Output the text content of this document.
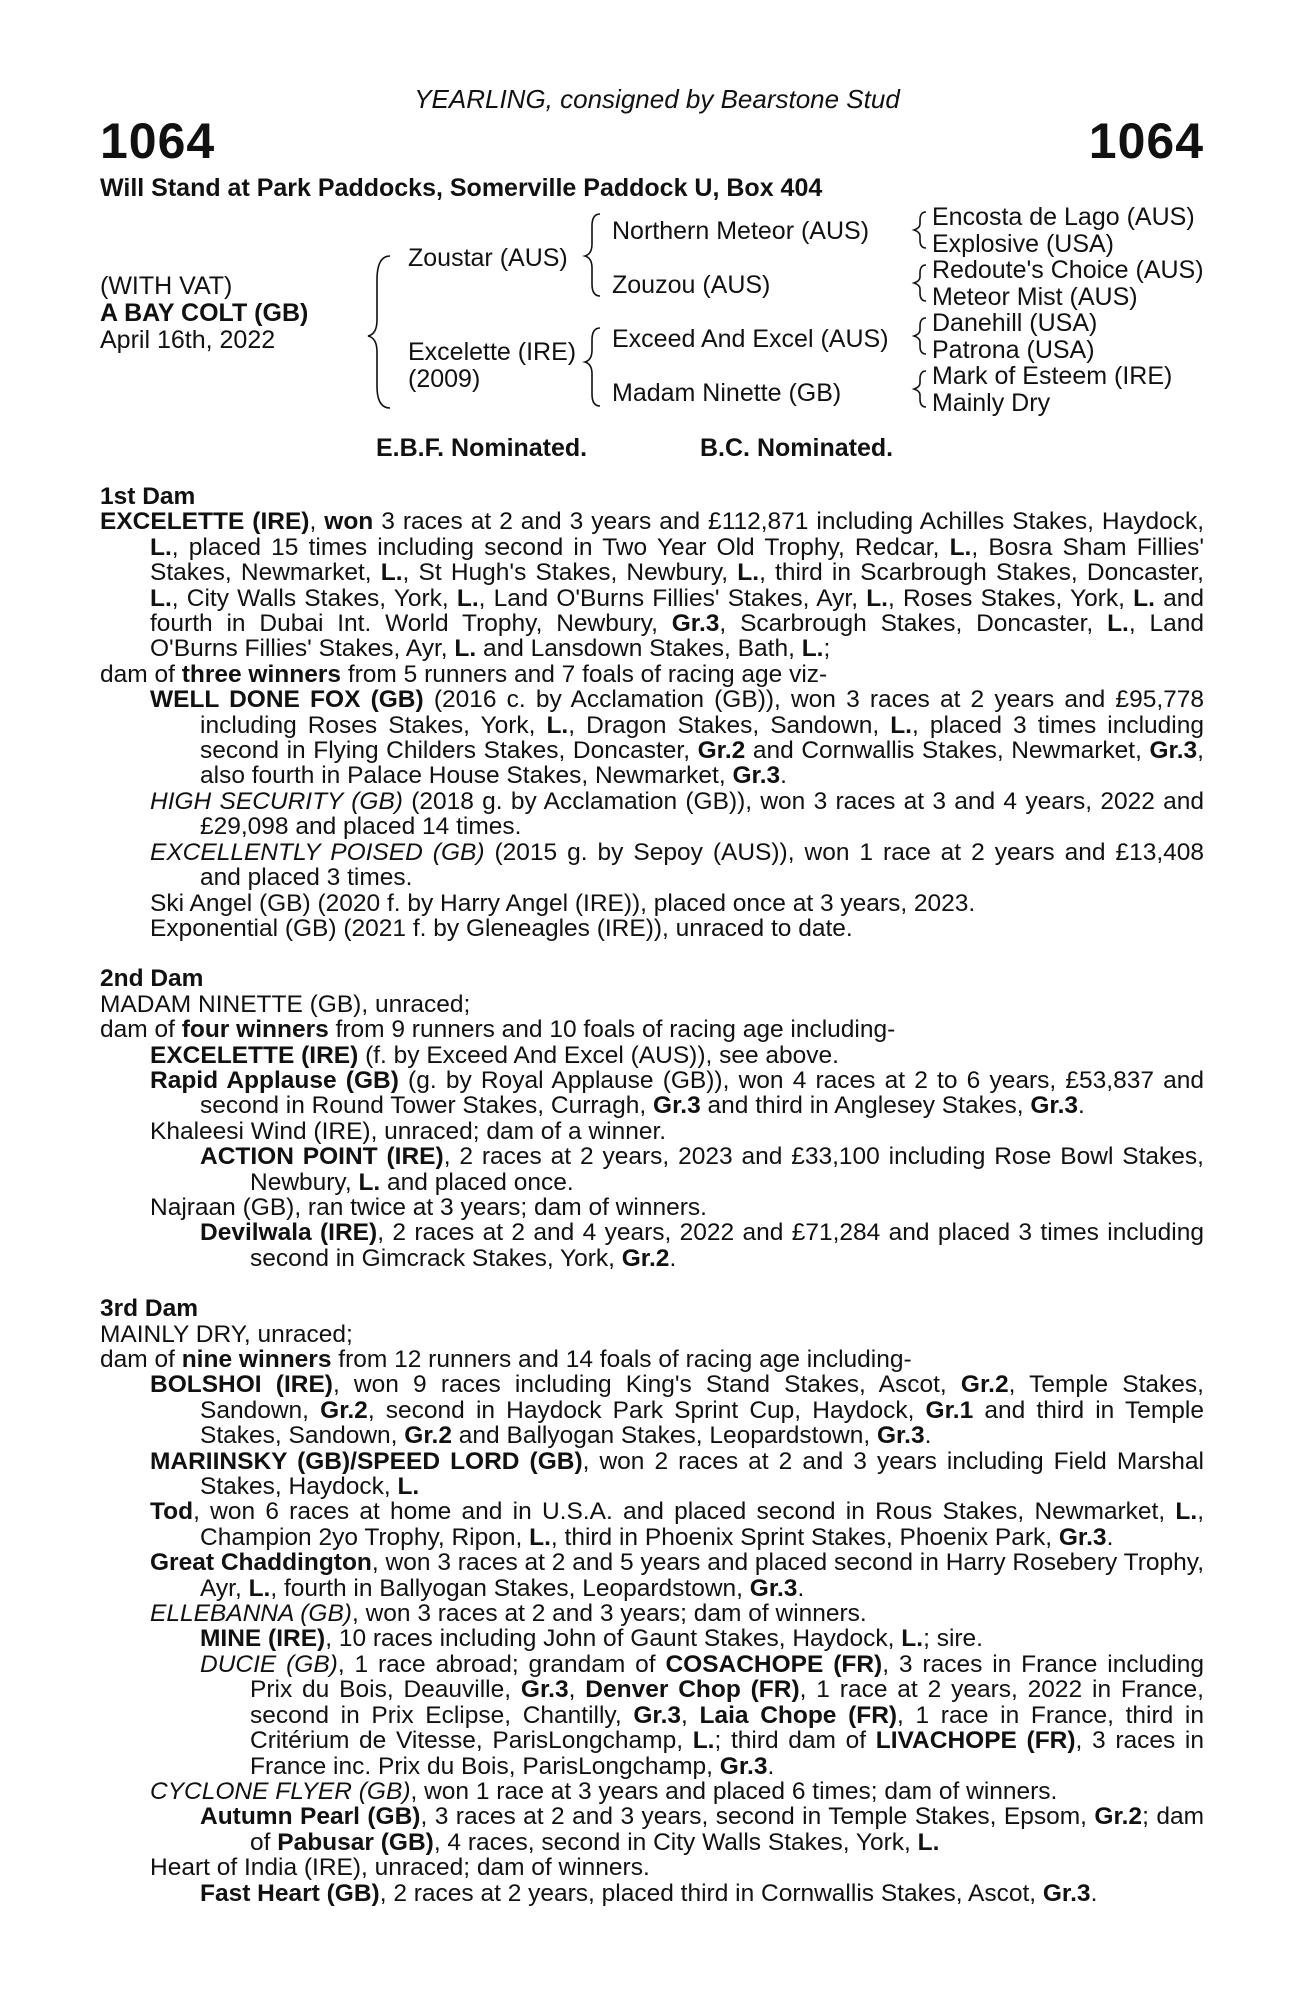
YEARLING, consigned by Bearstone Stud
1064	1064
Will Stand at Park Paddocks, Somerville Paddock U, Box 404
(WITH VAT)
A BAY COLT (GB)
April 16th, 2022
Zoustar (AUS)
Excelette (IRE)
(2009)
Northern Meteor (AUS)
Zouzou (AUS)
Exceed And Excel (AUS)
Madam Ninette (GB)
Encosta de Lago (AUS)
Explosive (USA)
Redoute's Choice (AUS)
Meteor Mist (AUS)
Danehill (USA)
Patrona (USA)
Mark of Esteem (IRE)
Mainly Dry
E.B.F. Nominated.	B.C. Nominated.

1st Dam

EXCELETTE (IRE), won 3 races at 2 and 3 years and £112,871 including Achilles Stakes, Haydock, L., placed 15 times including second in Two Year Old Trophy, Redcar, L., Bosra Sham Fillies' Stakes, Newmarket, L., St Hugh's Stakes, Newbury, L., third in Scarbrough Stakes, Doncaster, L., City Walls Stakes, York, L., Land O'Burns Fillies' Stakes, Ayr, L., Roses Stakes, York, L. and fourth in Dubai Int. World Trophy, Newbury, Gr.3, Scarbrough Stakes, Doncaster, L., Land O'Burns Fillies' Stakes, Ayr, L. and Lansdown Stakes, Bath, L.;

dam of three winners from 5 runners and 7 foals of racing age viz-

WELL DONE FOX (GB) (2016 c. by Acclamation (GB)), won 3 races at 2 years and £95,778 including Roses Stakes, York, L., Dragon Stakes, Sandown, L., placed 3 times including second in Flying Childers Stakes, Doncaster, Gr.2 and Cornwallis Stakes, Newmarket, Gr.3, also fourth in Palace House Stakes, Newmarket, Gr.3.

HIGH SECURITY (GB) (2018 g. by Acclamation (GB)), won 3 races at 3 and 4 years, 2022 and £29,098 and placed 14 times.

EXCELLENTLY POISED (GB) (2015 g. by Sepoy (AUS)), won 1 race at 2 years and £13,408 and placed 3 times.

Ski Angel (GB) (2020 f. by Harry Angel (IRE)), placed once at 3 years, 2023.

Exponential (GB) (2021 f. by Gleneagles (IRE)), unraced to date.

2nd Dam

MADAM NINETTE (GB), unraced;

dam of four winners from 9 runners and 10 foals of racing age including-

EXCELETTE (IRE) (f. by Exceed And Excel (AUS)), see above.

Rapid Applause (GB) (g. by Royal Applause (GB)), won 4 races at 2 to 6 years, £53,837 and second in Round Tower Stakes, Curragh, Gr.3 and third in Anglesey Stakes, Gr.3.

Khaleesi Wind (IRE), unraced; dam of a winner.

ACTION POINT (IRE), 2 races at 2 years, 2023 and £33,100 including Rose Bowl Stakes, Newbury, L. and placed once.

Najraan (GB), ran twice at 3 years; dam of winners.

Devilwala (IRE), 2 races at 2 and 4 years, 2022 and £71,284 and placed 3 times including second in Gimcrack Stakes, York, Gr.2.

3rd Dam

MAINLY DRY, unraced;

dam of nine winners from 12 runners and 14 foals of racing age including-

BOLSHOI (IRE), won 9 races including King's Stand Stakes, Ascot, Gr.2, Temple Stakes, Sandown, Gr.2, second in Haydock Park Sprint Cup, Haydock, Gr.1 and third in Temple Stakes, Sandown, Gr.2 and Ballyogan Stakes, Leopardstown, Gr.3.

MARIINSKY (GB)/SPEED LORD (GB), won 2 races at 2 and 3 years including Field Marshal Stakes, Haydock, L.

Tod, won 6 races at home and in U.S.A. and placed second in Rous Stakes, Newmarket, L., Champion 2yo Trophy, Ripon, L., third in Phoenix Sprint Stakes, Phoenix Park, Gr.3.

Great Chaddington, won 3 races at 2 and 5 years and placed second in Harry Rosebery Trophy, Ayr, L., fourth in Ballyogan Stakes, Leopardstown, Gr.3.

ELLEBANNA (GB), won 3 races at 2 and 3 years; dam of winners.

MINE (IRE), 10 races including John of Gaunt Stakes, Haydock, L.; sire.

DUCIE (GB), 1 race abroad; grandam of COSACHOPE (FR), 3 races in France including Prix du Bois, Deauville, Gr.3, Denver Chop (FR), 1 race at 2 years, 2022 in France, second in Prix Eclipse, Chantilly, Gr.3, Laia Chope (FR), 1 race in France, third in Critérium de Vitesse, ParisLongchamp, L.; third dam of LIVACHOPE (FR), 3 races in France inc. Prix du Bois, ParisLongchamp, Gr.3.

CYCLONE FLYER (GB), won 1 race at 3 years and placed 6 times; dam of winners.

Autumn Pearl (GB), 3 races at 2 and 3 years, second in Temple Stakes, Epsom, Gr.2; dam of Pabusar (GB), 4 races, second in City Walls Stakes, York, L.

Heart of India (IRE), unraced; dam of winners.

Fast Heart (GB), 2 races at 2 years, placed third in Cornwallis Stakes, Ascot, Gr.3.
